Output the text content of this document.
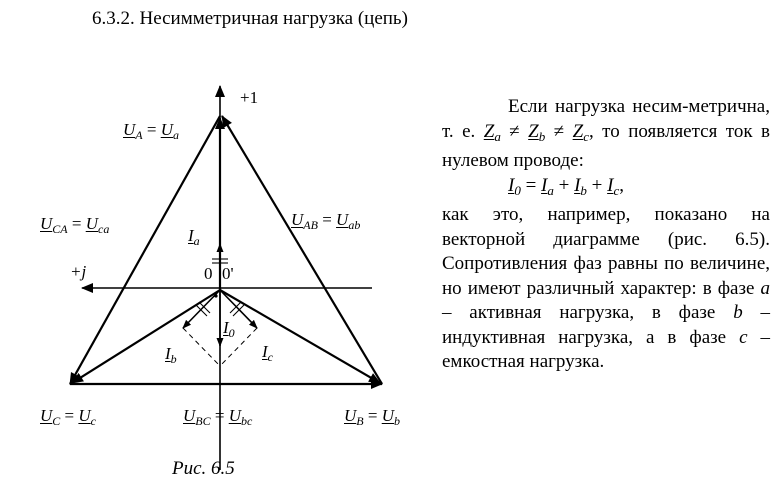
6.3.2. Несимметричная нагрузка (цепь)
+1
+j	0 0'
$U_A = U_a$
$U_{CA} = U_{ca}$	$U_{AB} = U_{ab}$
$I_a$
$I_b$	$I_c$
$I_0$
$U_C = U_c$	$U_{BC} = U_{bc}$	$U_B = U_b$

Если нагрузка несим-метрична, т. е. $Z_a \ne Z_b \ne Z_c$, то появляется ток в нулевом проводе:

$I_0 = I_a + I_b + I_c$,

как это, например, показано на векторной диаграмме (рис. 6.5). Сопротивления фаз равны по величине, но имеют различный характер: в фазе a – активная нагрузка, в фазе b – индуктивная нагрузка, а в фазе c – емкостная нагрузка.

Рис. 6.5
